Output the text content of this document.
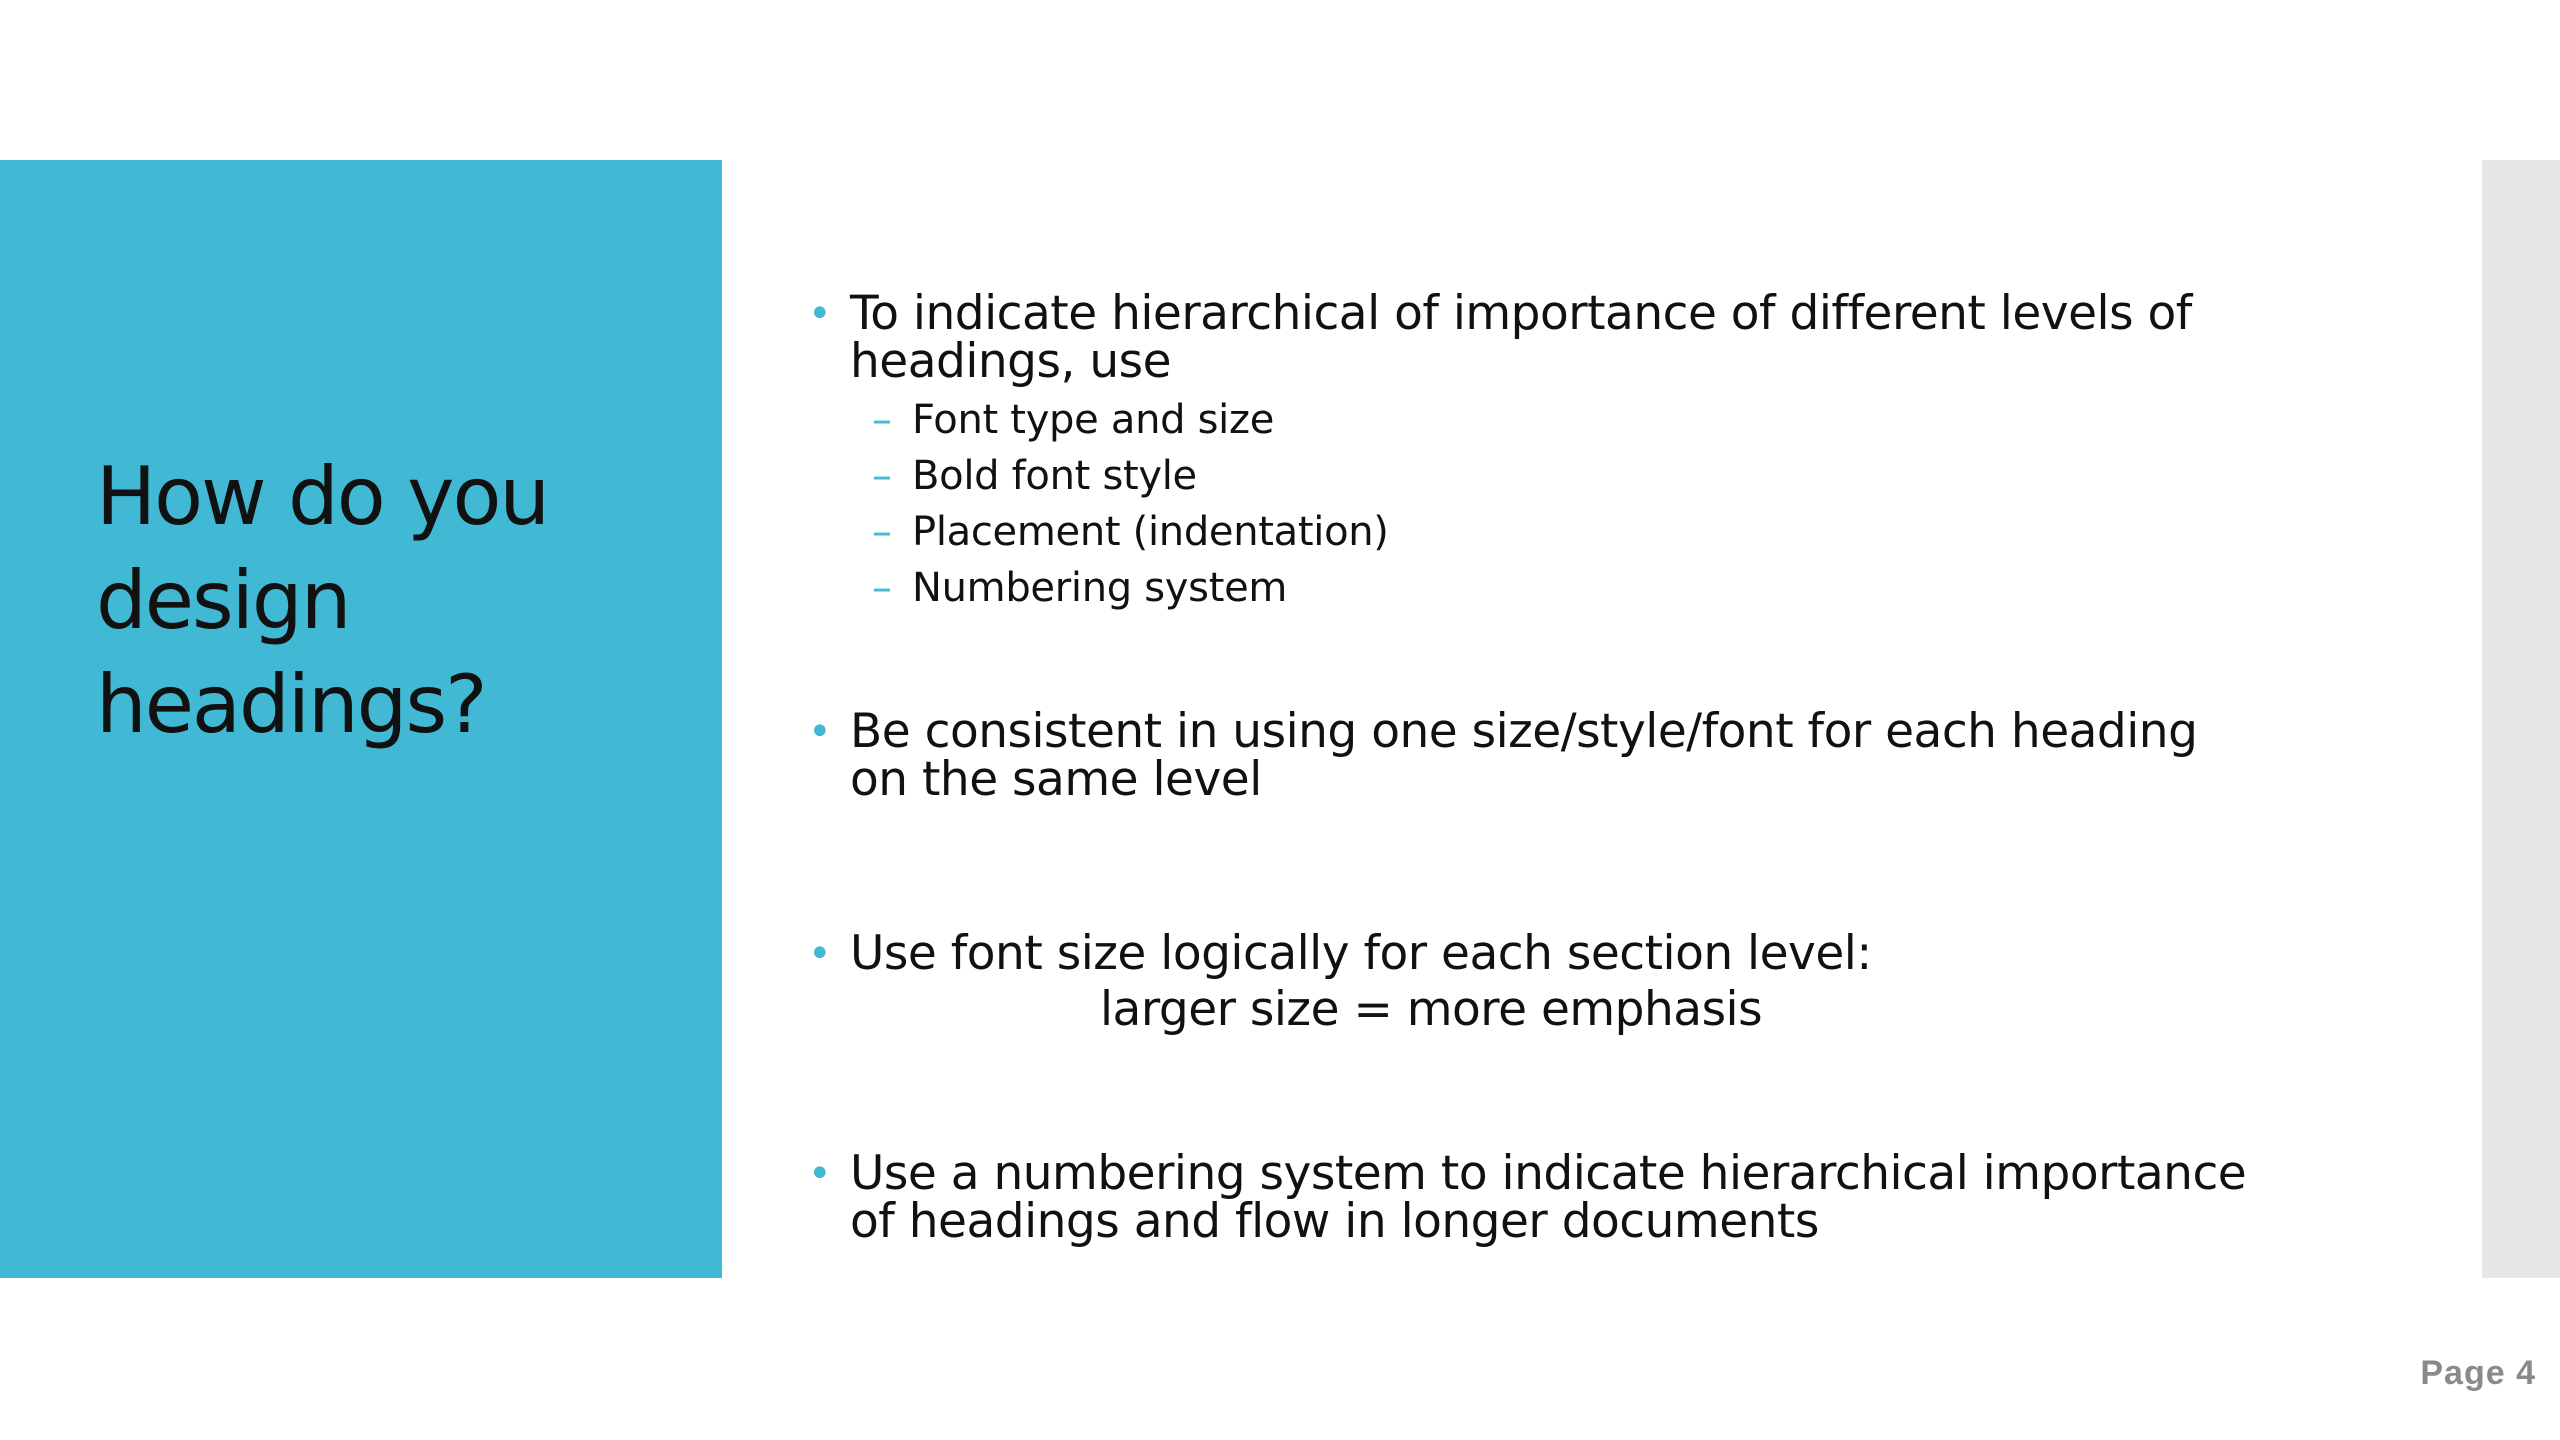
How do you design headings?
• To indicate hierarchical of importance of different levels of headings, use
– Font type and size
– Bold font style
– Placement (indentation)
– Numbering system
• Be consistent in using one size/style/font for each heading on the same level
• Use font size logically for each section level:
larger size = more emphasis
• Use a numbering system to indicate hierarchical importance of headings and flow in longer documents
Page 4
